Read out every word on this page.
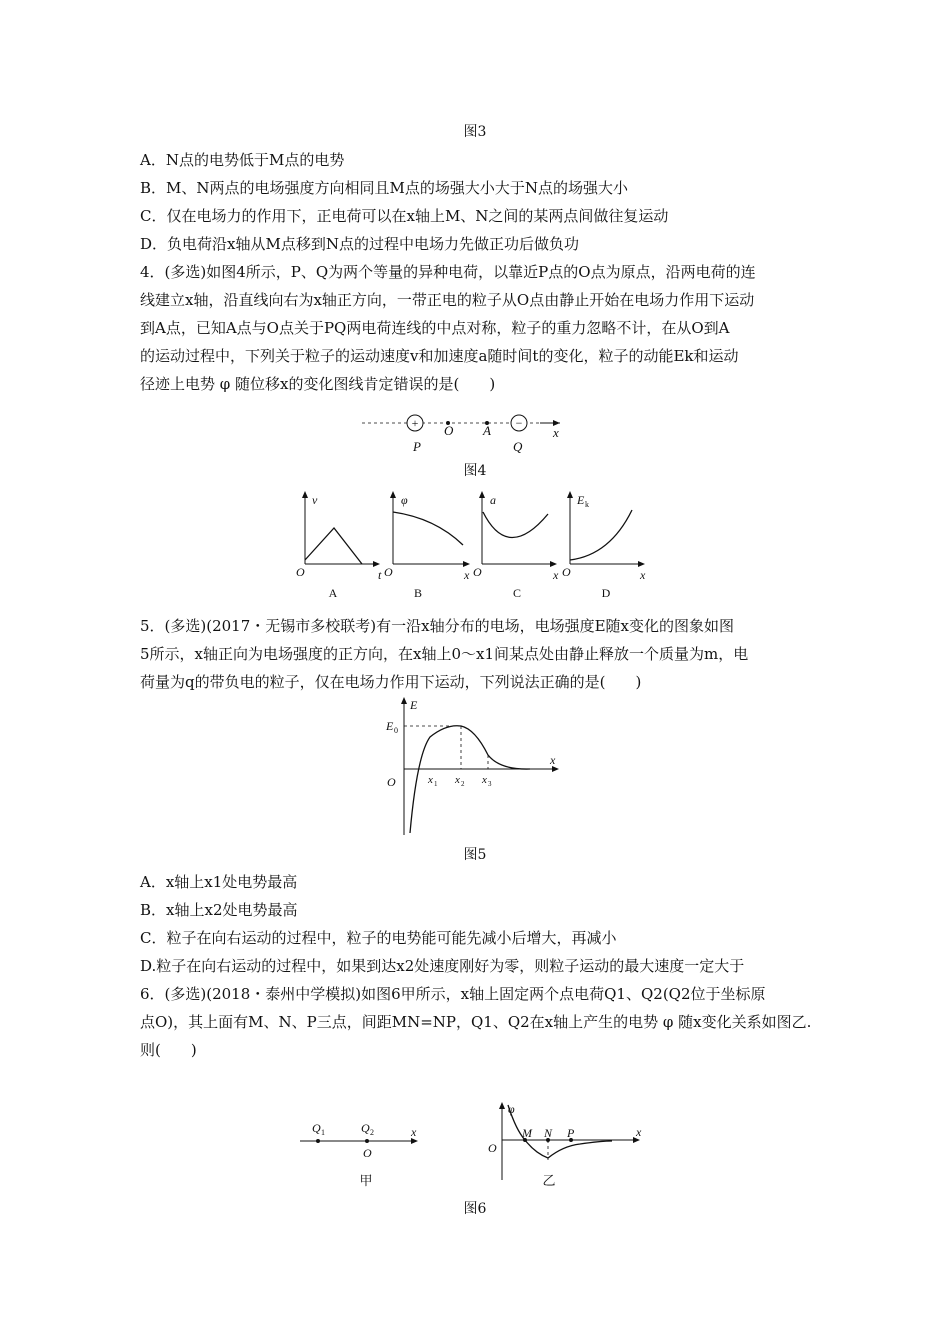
图3
A．N点的电势低于M点的电势
B．M、N两点的电场强度方向相同且M点的场强大小大于N点的场强大小
C．仅在电场力的作用下，正电荷可以在x轴上M、N之间的某两点间做往复运动
D．负电荷沿x轴从M点移到N点的过程中电场力先做正功后做负功
4．(多选)如图4所示，P、Q为两个等量的异种电荷，以靠近P点的O点为原点，沿两电荷的连
线建立x轴，沿直线向右为x轴正方向，一带正电的粒子从O点由静止开始在电场力作用下运动
到A点，已知A点与O点关于PQ两电荷连线的中点对称，粒子的重力忽略不计，在从O到A
的运动过程中，下列关于粒子的运动速度v和加速度a随时间t的变化，粒子的动能Ek和运动
径迹上电势 φ 随位移x的变化图线肯定错误的是(　　)
+	−
P
O A
Q
x
图4
v
O	t
A
φ
O	x
B
a
O	x
C
E k
O	x
D
5．(多选)(2017・无锡市多校联考)有一沿x轴分布的电场，电场强度E随x变化的图象如图
5所示，x轴正向为电场强度的正方向，在x轴上0～x1间某点处由静止释放一个质量为m，电
荷量为q的带负电的粒子，仅在电场力作用下运动，下列说法正确的是(　　)
E
E 0
O
x
x 1 x 2 x 3
图5
A．x轴上x1处电势最高
B．x轴上x2处电势最高
C．粒子在向右运动的过程中，粒子的电势能可能先减小后增大，再减小
D.粒子在向右运动的过程中，如果到达x2处速度刚好为零，则粒子运动的最大速度一定大于
6．(多选)(2018・泰州中学模拟)如图6甲所示，x轴上固定两个点电荷Q1、Q2(Q2位于坐标原
点O)，其上面有M、N、P三点，间距MN=NP，Q1、Q2在x轴上产生的电势 φ 随x变化关系如图乙.
则(　　)
Q 1	Q 2
O
x
甲
φ
O
M N P	x
乙
图6
